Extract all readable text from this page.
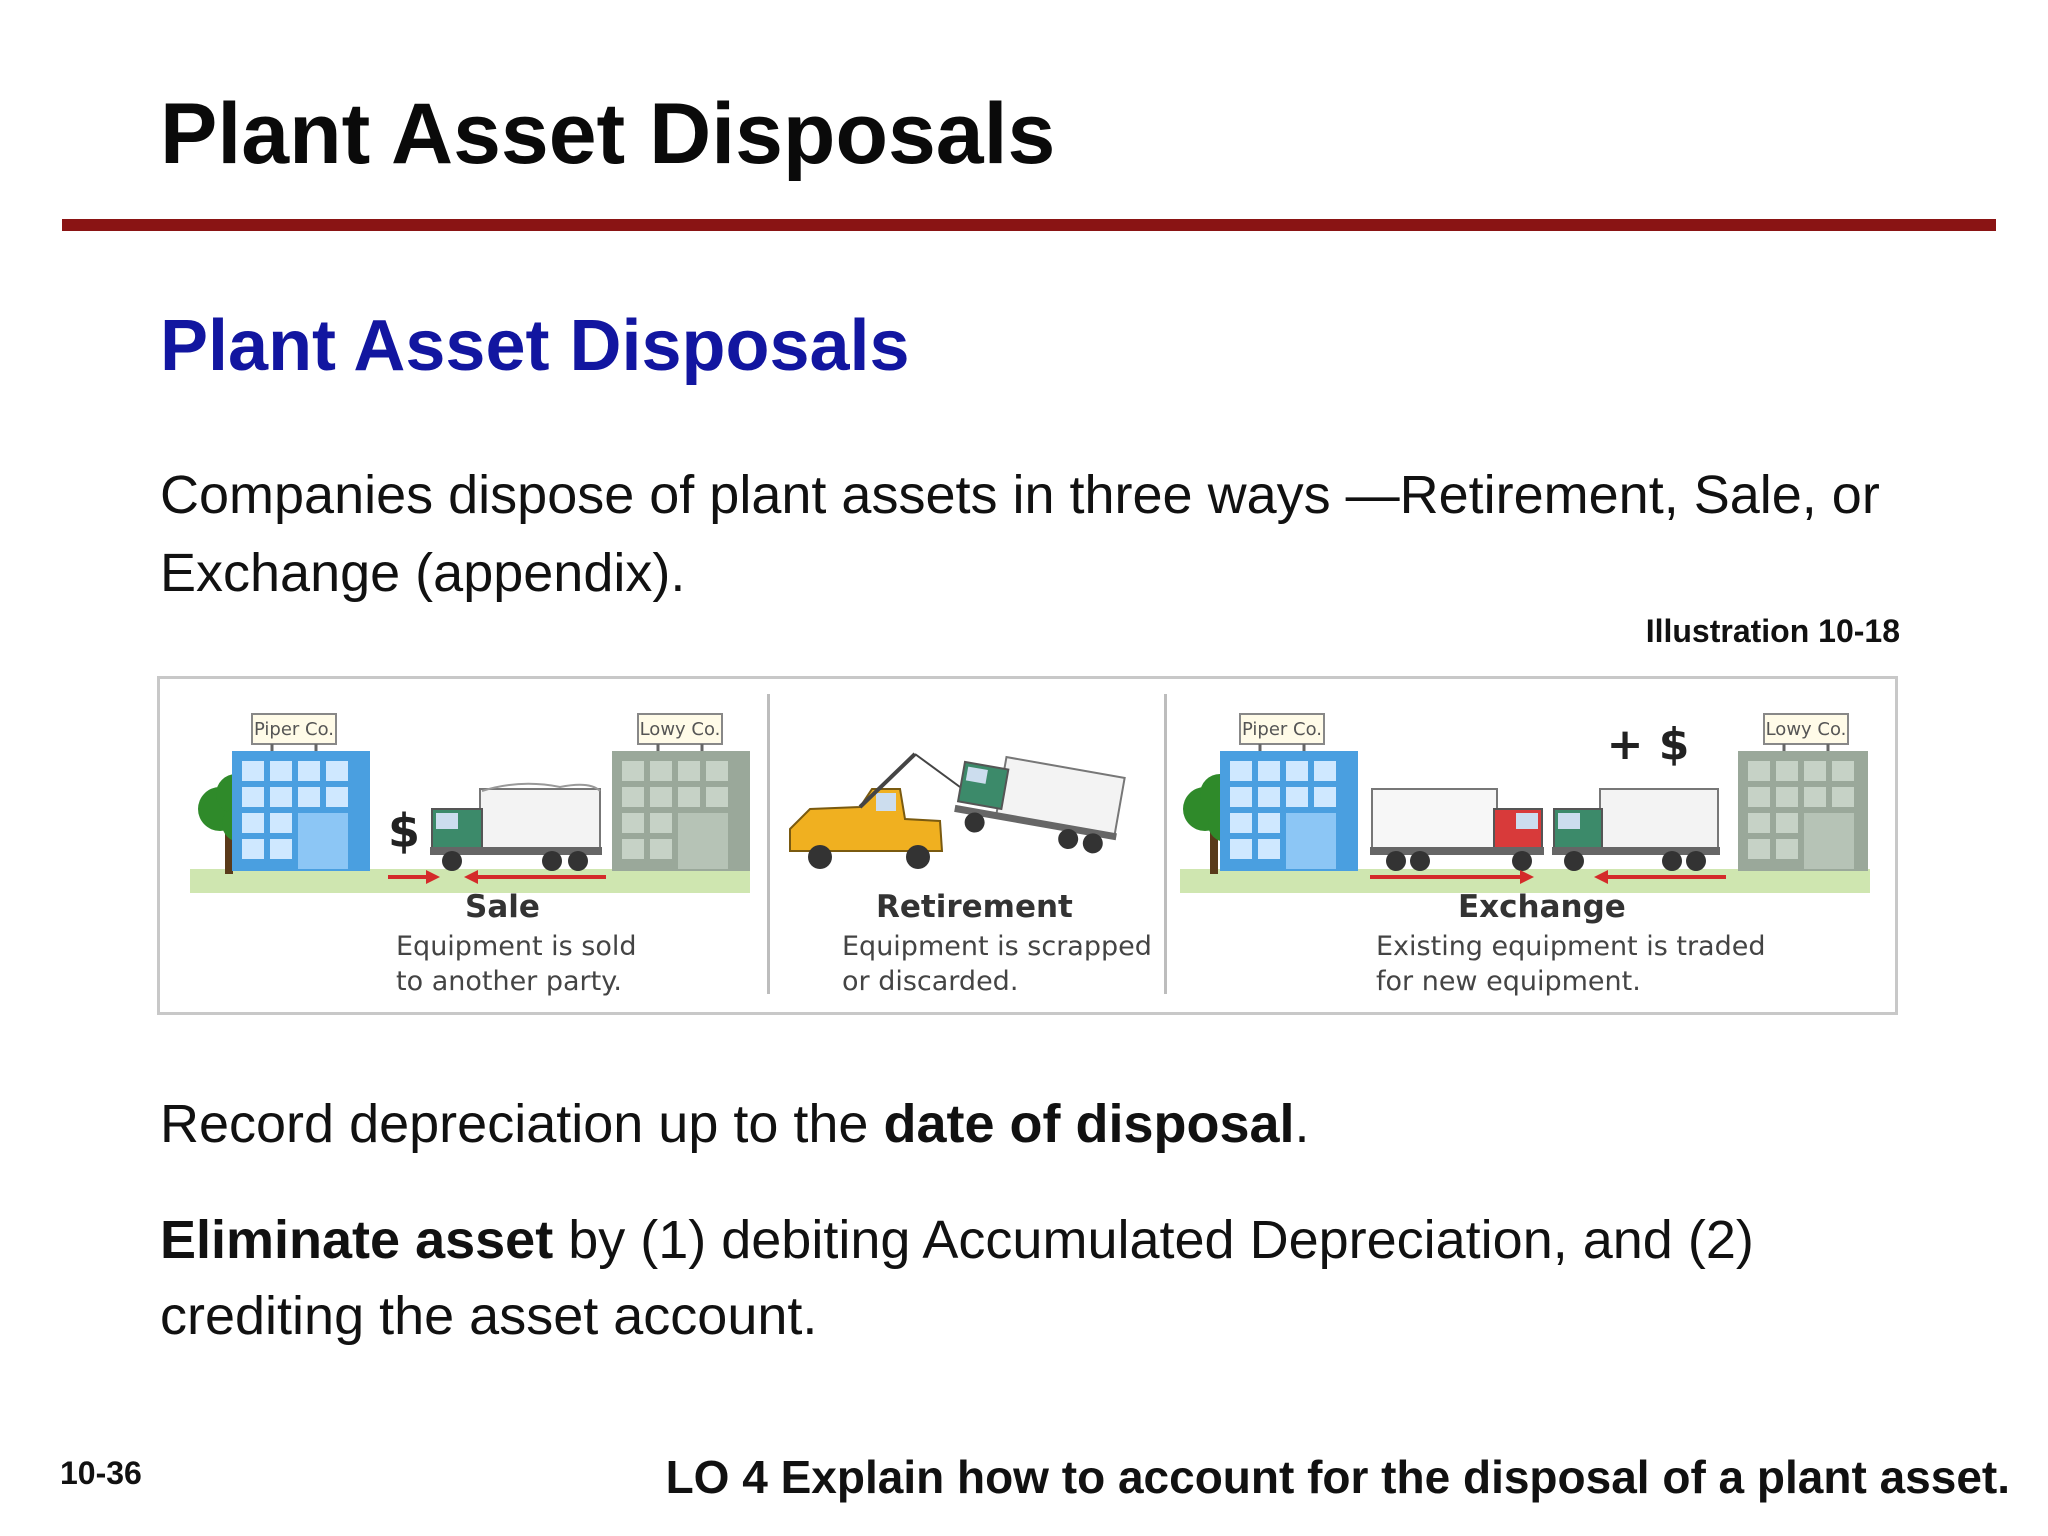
Plant Asset Disposals
Plant Asset Disposals
Companies dispose of plant assets in three ways —Retirement, Sale, or Exchange (appendix).
Illustration 10-18
Piper Co.
$
Lowy Co.	Piper Co.	+ $	Lowy Co.
Sale
Equipment is sold
to another party.
Retirement
Equipment is scrapped
or discarded.
Exchange
Existing equipment is traded
for new equipment.
Record depreciation up to the date of disposal.
Eliminate asset by (1) debiting Accumulated Depreciation, and (2) crediting the asset account.
10-36	LO 4 Explain how to account for the disposal of a plant asset.
